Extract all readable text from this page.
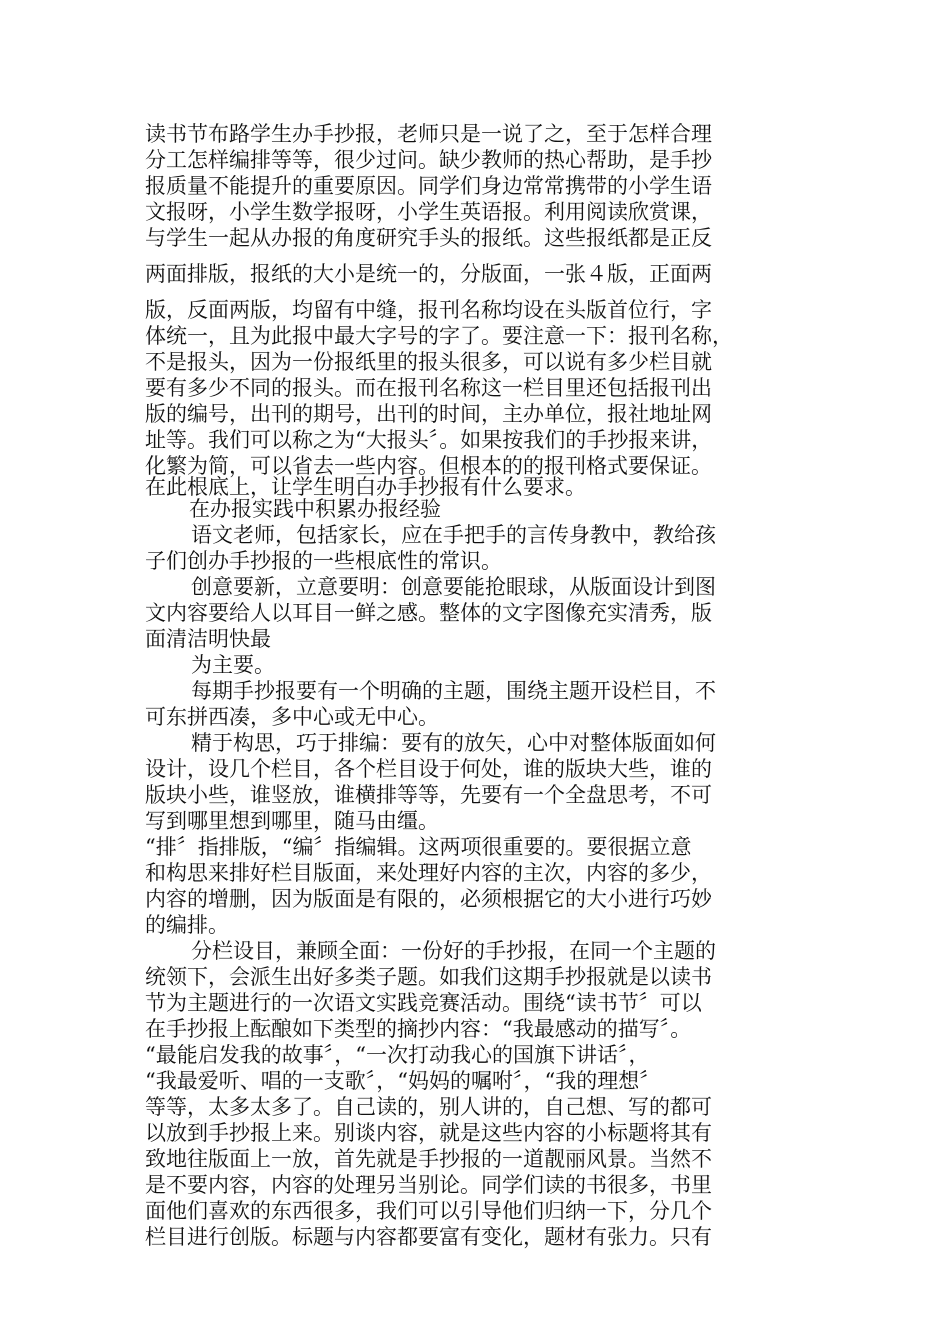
读书节布路学生办手抄报，老师只是一说了之，至于怎样合理
分工怎样编排等等，很少过问。缺少教师的热心帮助，是手抄
报质量不能提升的重要原因。同学们身边常常携带的小学生语
文报呀，小学生数学报呀，小学生英语报。利用阅读欣赏课，
与学生一起从办报的角度研究手头的报纸。这些报纸都是正反
两面排版，报纸的大小是统一的，分版面，一张４版，正面两
版，反面两版，均留有中缝，报刊名称均设在头版首位行，字
体统一，且为此报中最大字号的字了。要注意一下：报刊名称，
不是报头，因为一份报纸里的报头很多，可以说有多少栏目就
要有多少不同的报头。而在报刊名称这一栏目里还包括报刊出
版的编号，出刊的期号，出刊的时间，主办单位，报社地址网
址等。我们可以称之为“大报头〞。如果按我们的手抄报来讲，
化繁为简，可以省去一些内容。但根本的的报刊格式要保证。
在此根底上，让学生明白办手抄报有什么要求。
在办报实践中积累办报经验
语文老师，包括家长，应在手把手的言传身教中，教给孩
子们创办手抄报的一些根底性的常识。
创意要新，立意要明：创意要能抢眼球，从版面设计到图
文内容要给人以耳目一鲜之感。整体的文字图像充实清秀，版
面清洁明快最
为主要。
每期手抄报要有一个明确的主题，围绕主题开设栏目，不
可东拼西凑，多中心或无中心。
精于构思，巧于排编：要有的放矢，心中对整体版面如何
设计，设几个栏目，各个栏目设于何处，谁的版块大些，谁的
版块小些，谁竖放，谁横排等等，先要有一个全盘思考，不可
写到哪里想到哪里，随马由缰。
“排〞指排版，“编〞指编辑。这两项很重要的。要很据立意
和构思来排好栏目版面，来处理好内容的主次，内容的多少，
内容的增删，因为版面是有限的，必须根据它的大小进行巧妙
的编排。
分栏设目，兼顾全面：一份好的手抄报，在同一个主题的
统领下，会派生出好多类子题。如我们这期手抄报就是以读书
节为主题进行的一次语文实践竞赛活动。围绕“读书节〞可以
在手抄报上酝酿如下类型的摘抄内容：“我最感动的描写〞。
“最能启发我的故事〞，“一次打动我心的国旗下讲话〞，
“我最爱听、唱的一支歌〞，“妈妈的嘱咐〞，“我的理想〞
等等，太多太多了。自己读的，别人讲的，自己想、写的都可
以放到手抄报上来。别谈内容，就是这些内容的小标题将其有
致地往版面上一放，首先就是手抄报的一道靓丽风景。当然不
是不要内容，内容的处理另当别论。同学们读的书很多，书里
面他们喜欢的东西很多，我们可以引导他们归纳一下，分几个
栏目进行创版。标题与内容都要富有变化，题材有张力。只有
